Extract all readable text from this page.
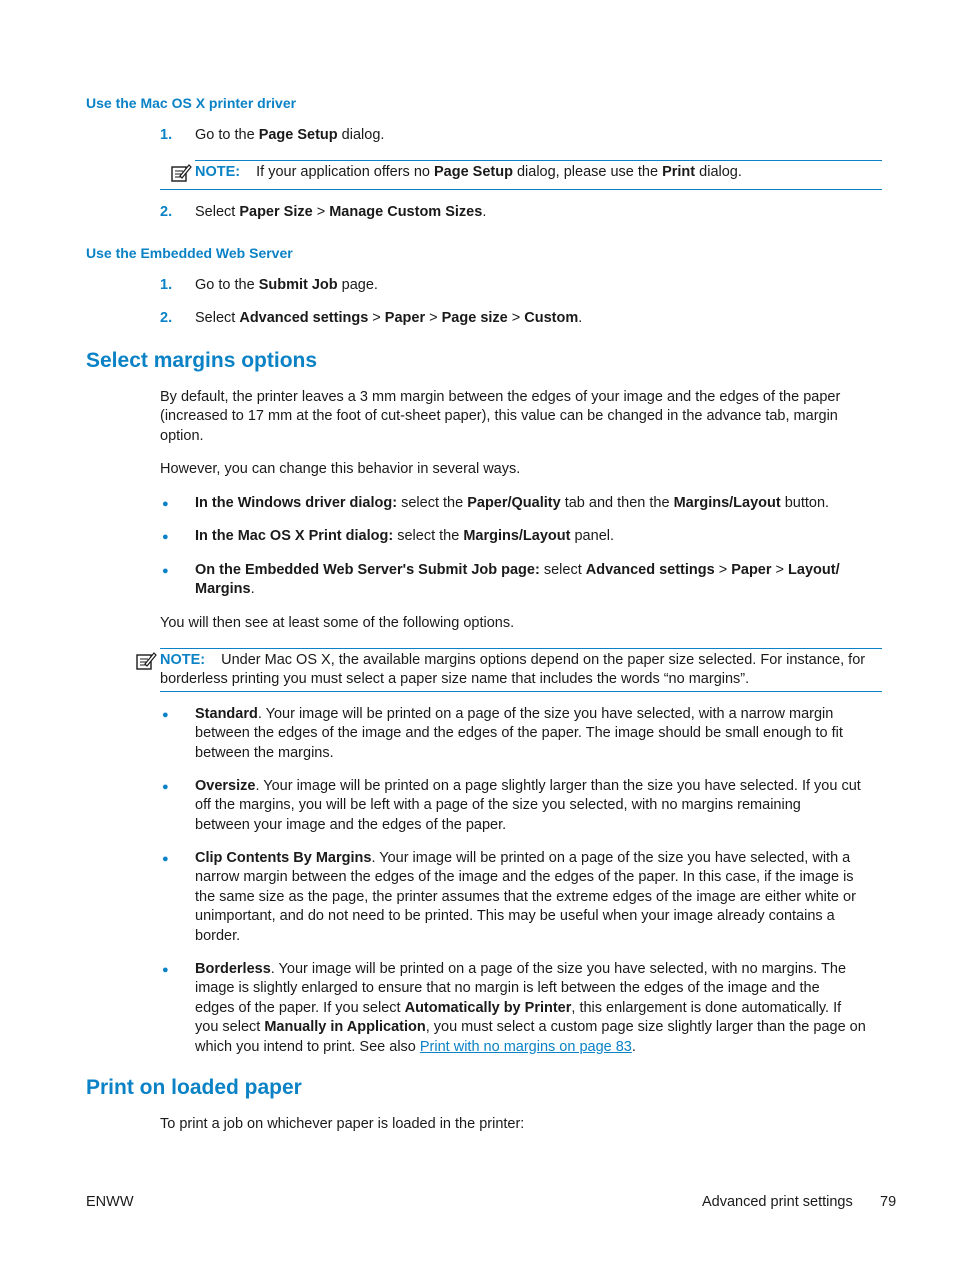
Use the Mac OS X printer driver
1. Go to the Page Setup dialog.
NOTE: If your application offers no Page Setup dialog, please use the Print dialog.
2. Select Paper Size > Manage Custom Sizes.
Use the Embedded Web Server
1. Go to the Submit Job page.
2. Select Advanced settings > Paper > Page size > Custom.
Select margins options
By default, the printer leaves a 3 mm margin between the edges of your image and the edges of the paper
(increased to 17 mm at the foot of cut-sheet paper), this value can be changed in the advance tab, margin
option.
However, you can change this behavior in several ways.
● In the Windows driver dialog: select the Paper/Quality tab and then the Margins/Layout button.
● In the Mac OS X Print dialog: select the Margins/Layout panel.
● On the Embedded Web Server's Submit Job page: select Advanced settings > Paper > Layout/
Margins.
You will then see at least some of the following options.
NOTE: Under Mac OS X, the available margins options depend on the paper size selected. For instance, for
borderless printing you must select a paper size name that includes the words “no margins”.
● Standard. Your image will be printed on a page of the size you have selected, with a narrow margin
between the edges of the image and the edges of the paper. The image should be small enough to fit
between the margins.
● Oversize. Your image will be printed on a page slightly larger than the size you have selected. If you cut
off the margins, you will be left with a page of the size you selected, with no margins remaining
between your image and the edges of the paper.
● Clip Contents By Margins. Your image will be printed on a page of the size you have selected, with a
narrow margin between the edges of the image and the edges of the paper. In this case, if the image is
the same size as the page, the printer assumes that the extreme edges of the image are either white or
unimportant, and do not need to be printed. This may be useful when your image already contains a
border.
● Borderless. Your image will be printed on a page of the size you have selected, with no margins. The
image is slightly enlarged to ensure that no margin is left between the edges of the image and the
edges of the paper. If you select Automatically by Printer, this enlargement is done automatically. If
you select Manually in Application, you must select a custom page size slightly larger than the page on
which you intend to print. See also Print with no margins on page 83.
Print on loaded paper
To print a job on whichever paper is loaded in the printer:
ENWW	Advanced print settings 79
